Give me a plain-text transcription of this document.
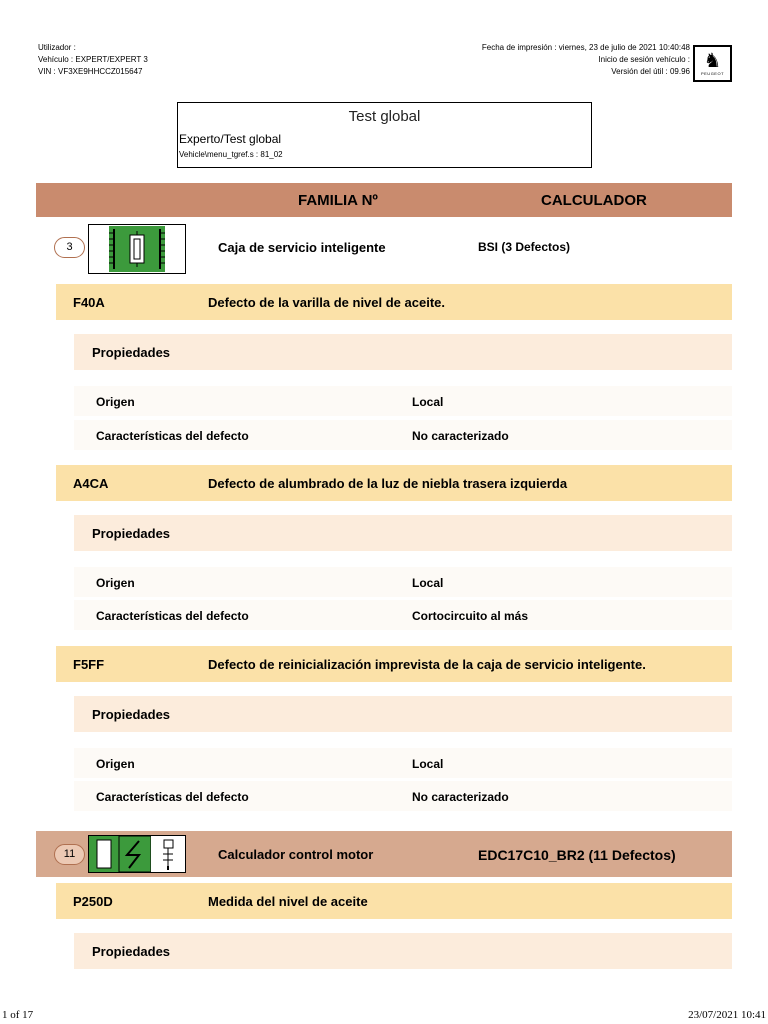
Utilizador :
Vehículo : EXPERT/EXPERT 3
VIN : VF3XE9HHCCZ015647
Fecha de impresión : viernes, 23 de julio de 2021 10:40:48
Inicio de sesión vehículo :
Versión del útil : 09.96 ♞
PEUGEOT
Test global
Experto/Test global
Vehicle\menu_tgref.s : 81_02
FAMILIA Nº	CALCULADOR
3	Caja de servicio inteligente	BSI (3 Defectos)
F40A	Defecto de la varilla de nivel de aceite.
Propiedades
Origen	Local
Características del defecto	No caracterizado
A4CA	Defecto de alumbrado de la luz de niebla trasera izquierda
Propiedades
Origen	Local
Características del defecto	Cortocircuito al más
F5FF	Defecto de reinicialización imprevista de la caja de servicio inteligente.
Propiedades
Origen	Local
Características del defecto	No caracterizado
11	Calculador control motor	EDC17C10_BR2 (11 Defectos)
P250D	Medida del nivel de aceite
Propiedades
1 of 17	23/07/2021 10:41
